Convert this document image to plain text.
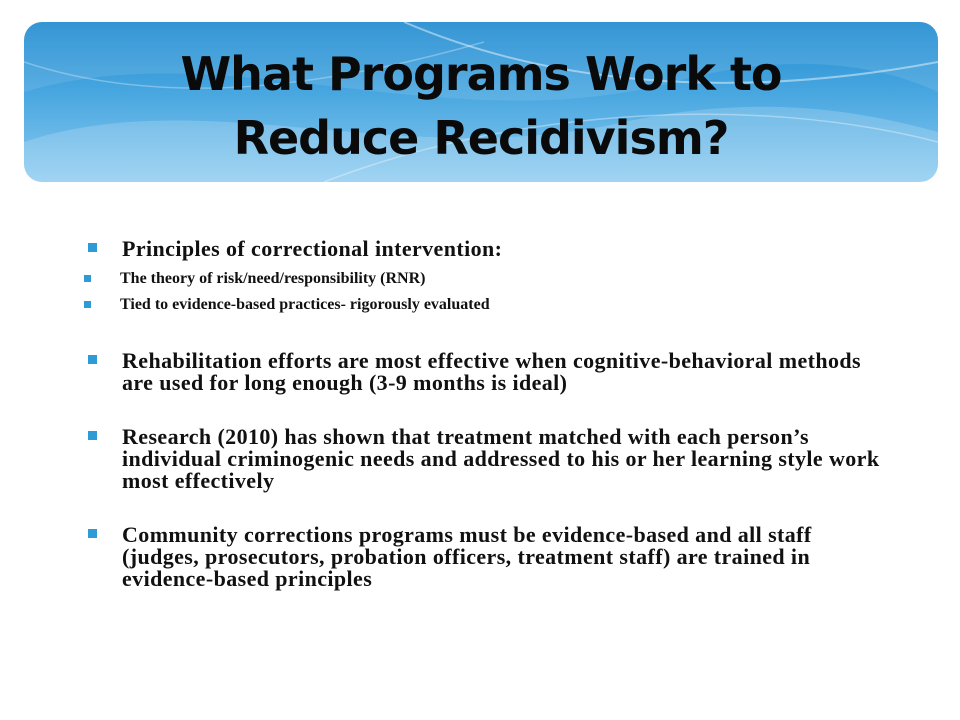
What Programs Work to
Reduce Recidivism?
Principles of correctional intervention:
The theory of risk/need/responsibility (RNR)
Tied to evidence-based practices- rigorously evaluated
Rehabilitation efforts are most effective when cognitive-behavioral methods are used for long enough (3-9 months is ideal)
Research (2010) has shown that treatment matched with each person’s individual criminogenic needs and addressed to his or her learning style work most effectively
Community corrections programs must be evidence-based and all staff (judges, prosecutors, probation officers, treatment staff) are trained in evidence-based principles
